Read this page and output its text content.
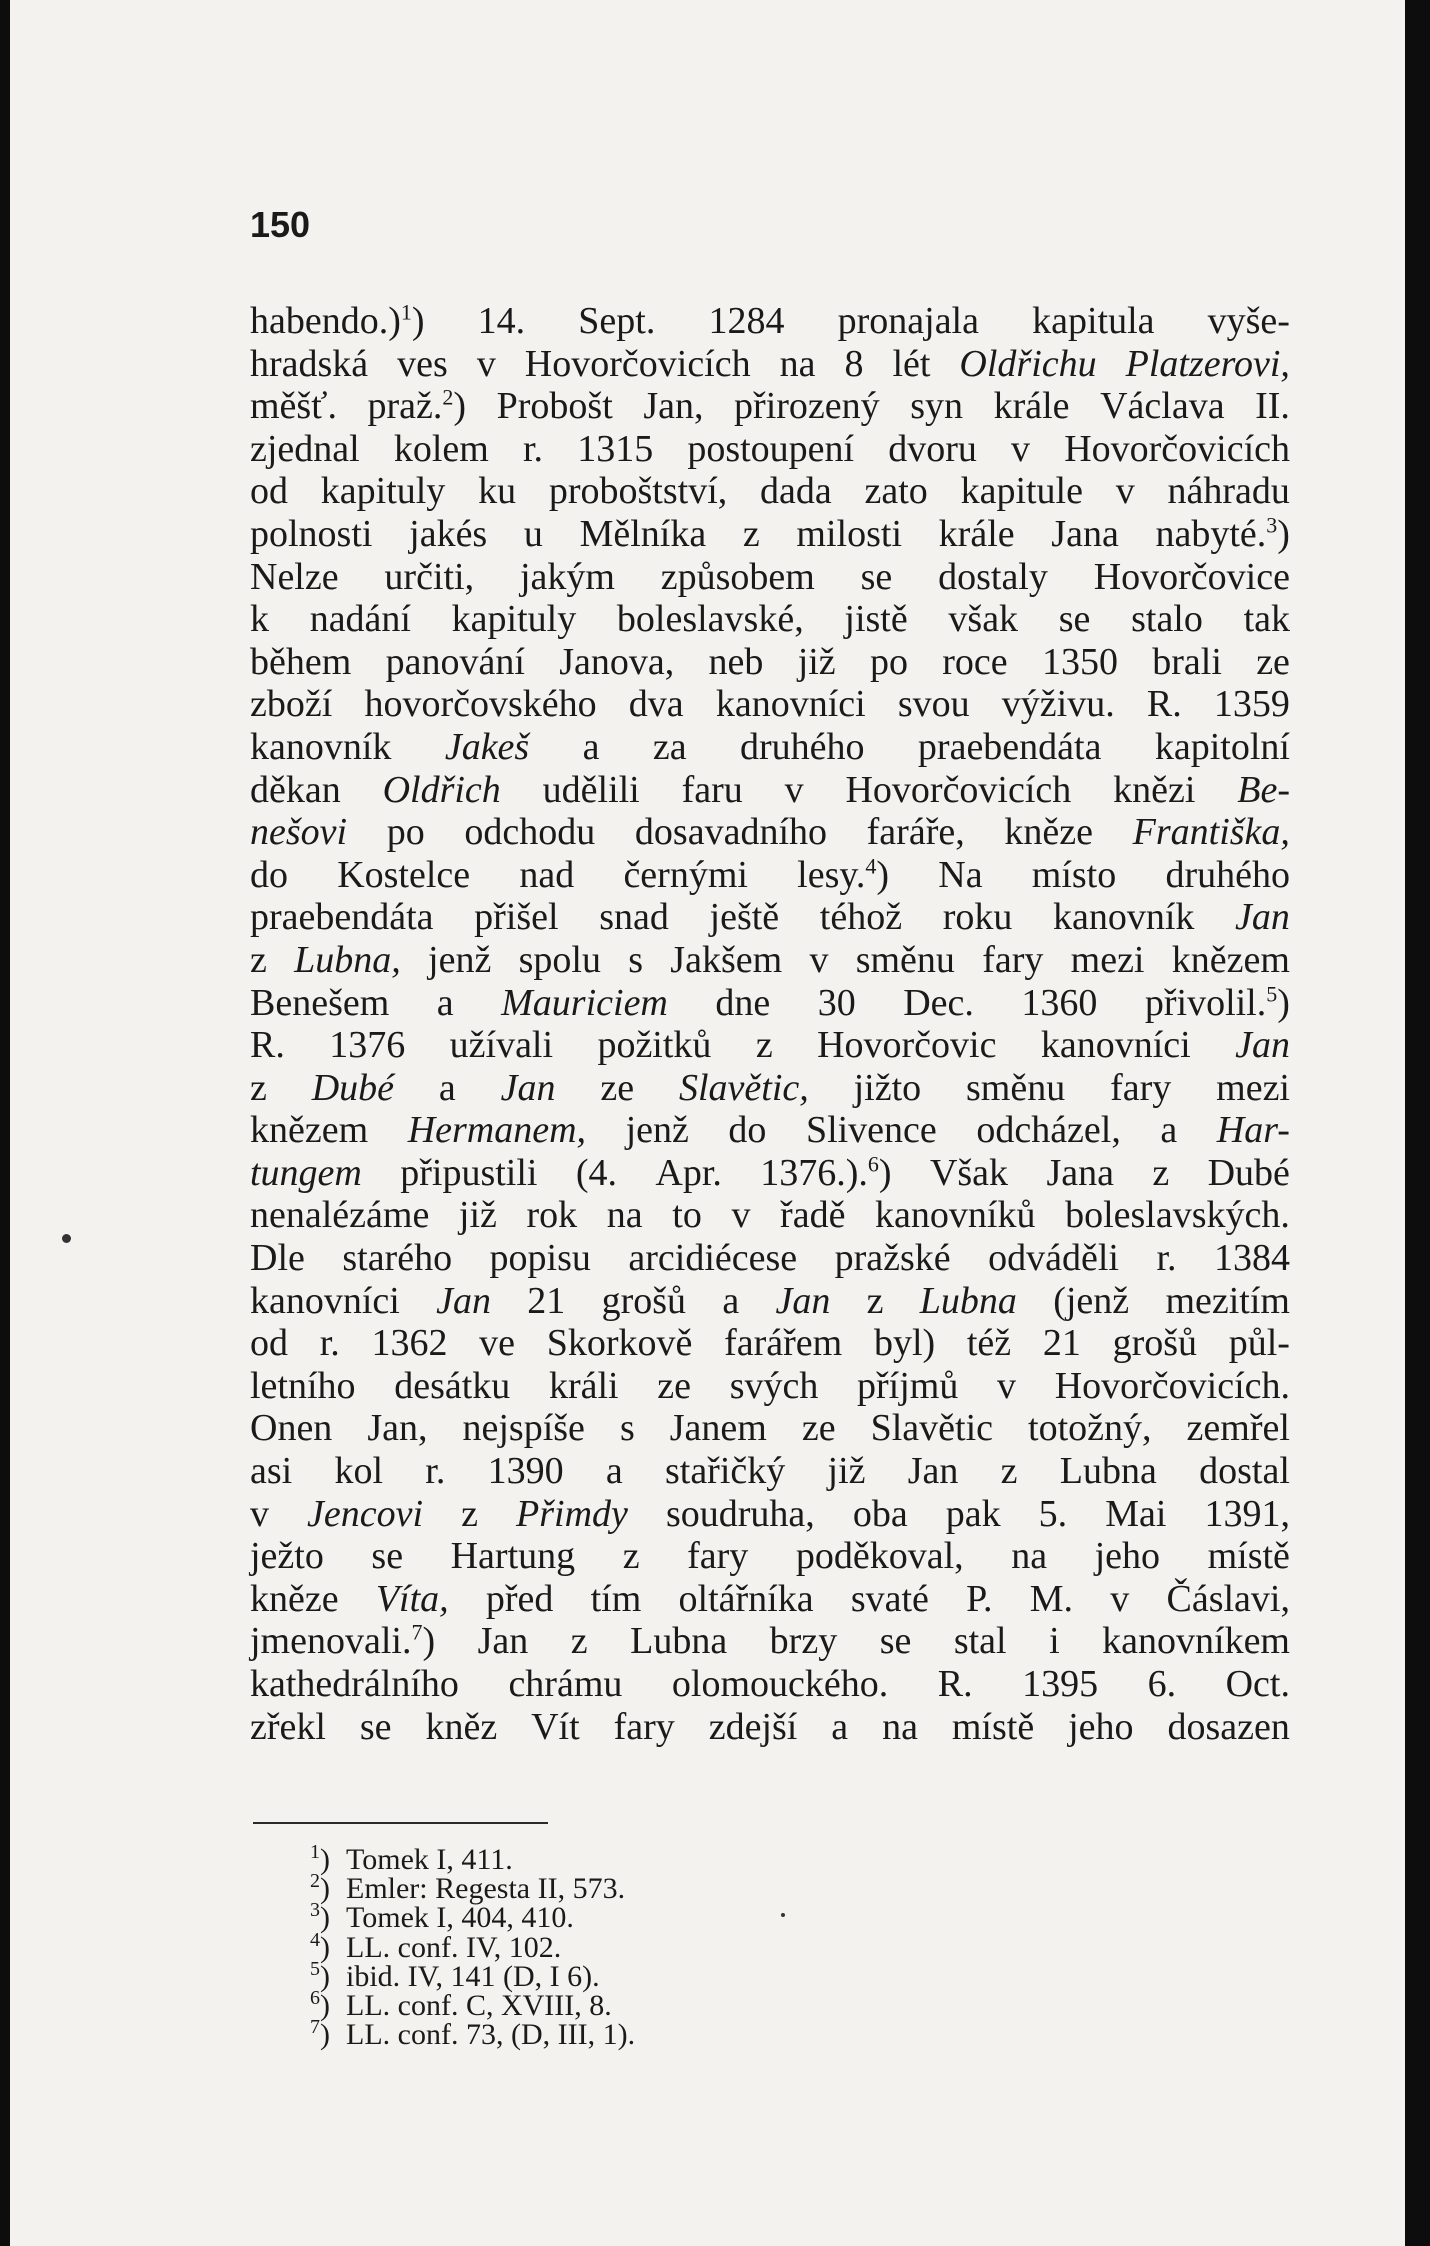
150

habendo.)$^1$) 14. Sept. 1284 pronajala kapitula vyše-
hradská ves v Hovorčovicích na 8 lét Oldřichu Platzerovi,
měšť. praž.$^2$) Probošt Jan, přirozený syn krále Václava II.
zjednal kolem r. 1315 postoupení dvoru v Hovorčovicích
od kapituly ku proboštství, dada zato kapitule v náhradu
polnosti jakés u Mělníka z milosti krále Jana nabyté.$^3$)
Nelze určiti, jakým způsobem se dostaly Hovorčovice
k nadání kapituly boleslavské, jistě však se stalo tak
během panování Janova, neb již po roce 1350 brali ze
zboží hovorčovského dva kanovníci svou výživu. R. 1359
kanovník Jakeš a za druhého praebendáta kapitolní
děkan Oldřich udělili faru v Hovorčovicích knězi Be-
nešovi po odchodu dosavadního faráře, kněze Františka,
do Kostelce nad černými lesy.$^4$) Na místo druhého
praebendáta přišel snad ještě téhož roku kanovník Jan
z Lubna, jenž spolu s Jakšem v směnu fary mezi knězem
Benešem a Mauriciem dne 30 Dec. 1360 přivolil.$^5$)
R. 1376 užívali požitků z Hovorčovic kanovníci Jan
z Dubé a Jan ze Slavětic, jižto směnu fary mezi
knězem Hermanem, jenž do Slivence odcházel, a Har-
tungem připustili (4. Apr. 1376.).$^6$) Však Jana z Dubé
nenalézáme již rok na to v řadě kanovníků boleslavských.
Dle starého popisu arcidiécese pražské odváděli r. 1384
kanovníci Jan 21 grošů a Jan z Lubna (jenž mezitím
od r. 1362 ve Skorkově farářem byl) též 21 grošů půl-
letního desátku králi ze svých příjmů v Hovorčovicích.
Onen Jan, nejspíše s Janem ze Slavětic totožný, zemřel
asi kol r. 1390 a stařičký již Jan z Lubna dostal
v Jencovi z Přimdy soudruha, oba pak 5. Mai 1391,
ježto se Hartung z fary poděkoval, na jeho místě
kněze Víta, před tím oltářníka svaté P. M. v Čáslavi,
jmenovali.$^7$) Jan z Lubna brzy se stal i kanovníkem
kathedrálního chrámu olomouckého. R. 1395 6. Oct.
zřekl se kněz Vít fary zdejší a na místě jeho dosazen
$^1$) Tomek I, 411.
$^2$) Emler: Regesta II, 573.
$^3$) Tomek I, 404, 410.
$^4$) LL. conf. IV, 102.
$^5$) ibid. IV, 141 (D, I 6).
$^6$) LL. conf. C, XVIII, 8.
$^7$) LL. conf. 73, (D, III, 1).
